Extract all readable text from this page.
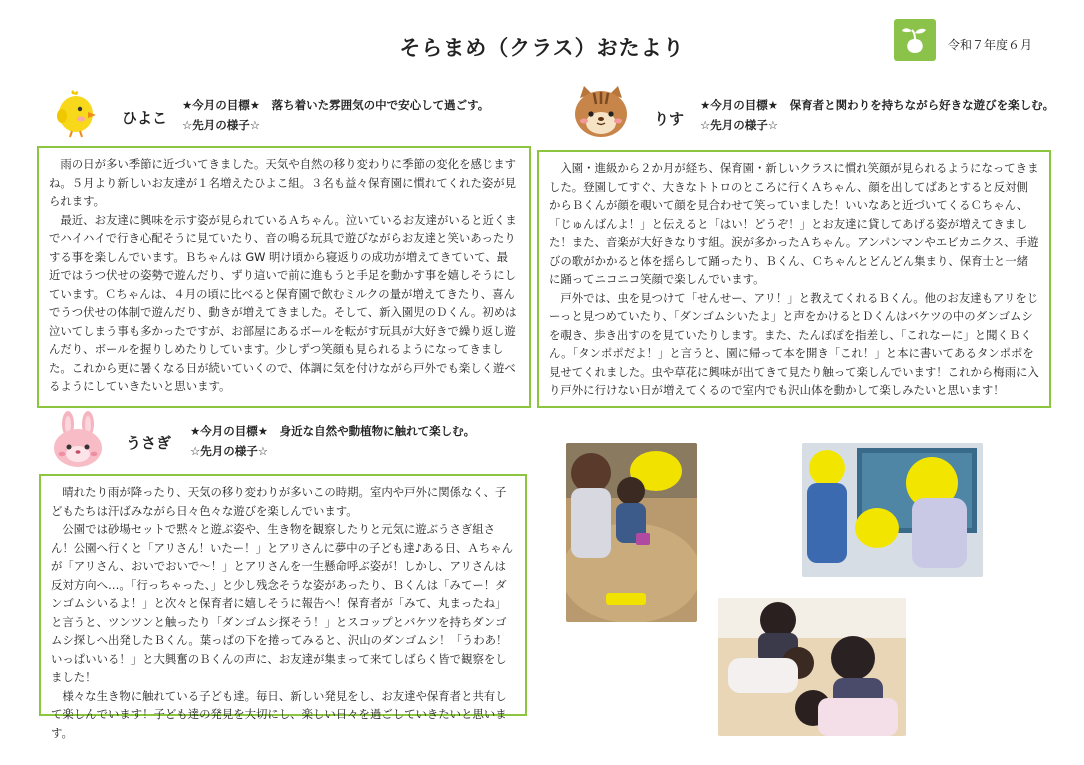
そらまめ（クラス）おたより	令和７年度６月
ひよこ
★今月の目標★　落ち着いた雰囲気の中で安心して過ごす。
☆先月の様子☆

雨の日が多い季節に近づいてきました。天気や自然の移り変わりに季節の変化を感じますね。５月より新しいお友達が１名増えたひよこ組。３名も益々保育園に慣れてくれた姿が見られます。

最近、お友達に興味を示す姿が見られているＡちゃん。泣いているお友達がいると近くまでハイハイで行き心配そうに見ていたり、音の鳴る玩具で遊びながらお友達と笑いあったりする事を楽しんでいます。Ｂちゃんは GW 明け頃から寝返りの成功が増えてきていて、最近ではうつ伏せの姿勢で遊んだり、ずり這いで前に進もうと手足を動かす事を嬉しそうにしています。Ｃちゃんは、４月の頃に比べると保育園で飲むミルクの量が増えてきたり、喜んでうつ伏せの体制で遊んだり、動きが増えてきました。そして、新入園児のＤくん。初めは泣いてしまう事も多かったですが、お部屋にあるボールを転がす玩具が大好きで繰り返し遊んだり、ボールを握りしめたりしています。少しずつ笑顔も見られるようになってきました。これから更に暑くなる日が続いていくので、体調に気を付けながら戸外でも楽しく遊べるようにしていきたいと思います。

りす
★今月の目標★　保育者と関わりを持ちながら好きな遊びを楽しむ。
☆先月の様子☆

入園・進級から２か月が経ち、保育園・新しいクラスに慣れ笑顔が見られるようになってきました。登園してすぐ、大きなトトロのところに行くＡちゃん、顔を出してばあとすると反対側からＢくんが顔を覗いて顔を見合わせて笑っていました！いいなあと近づいてくるＣちゃん、「じゅんばんよ！」と伝えると「はい！どうぞ！」とお友達に貸してあげる姿が増えてきました！また、音楽が大好きなりす組。涙が多かったＡちゃん。アンパンマンやエビカニクス、手遊びの歌がかかると体を揺らして踊ったり、Ｂくん、Ｃちゃんとどんどん集まり、保育士と一緒に踊ってニコニコ笑顔で楽しんでいます。

戸外では、虫を見つけて「せんせー、アリ！」と教えてくれるＢくん。他のお友達もアリをじーっと見つめていたり、「ダンゴムシいたよ」と声をかけるとＤくんはバケツの中のダンゴムシを覗き、歩き出すのを見ていたりします。また、たんぽぽを指差し、「これなーに」と聞くＢくん。「タンポポだよ！」と言うと、園に帰って本を開き「これ！」と本に書いてあるタンポポを見せてくれました。虫や草花に興味が出てきて見たり触って楽しんでいます！これから梅雨に入り戸外に行けない日が増えてくるので室内でも沢山体を動かして楽しみたいと思います！

うさぎ
★今月の目標★　身近な自然や動植物に触れて楽しむ。
☆先月の様子☆

晴れたり雨が降ったり、天気の移り変わりが多いこの時期。室内や戸外に関係なく、子どもたちは汗ばみながら日々色々な遊びを楽しんでいます。

公園では砂場セットで黙々と遊ぶ姿や、生き物を観察したりと元気に遊ぶうさぎ組さん！公園へ行くと「アリさん！いたー！」とアリさんに夢中の子ども達♪ある日、Ａちゃんが「アリさん、おいでおいで～！」とアリさんを一生懸命呼ぶ姿が！しかし、アリさんは反対方向へ…。「行っちゃった、」と少し残念そうな姿があったり、Ｂくんは「みてー！ダンゴムシいるよ！」と次々と保育者に嬉しそうに報告へ！保育者が「みて、丸まったね」と言うと、ツンツンと触ったり「ダンゴムシ探そう！」とスコップとバケツを持ちダンゴムシ探しへ出発したＢくん。葉っぱの下を捲ってみると、沢山のダンゴムシ！「うわあ！いっぱいいる！」と大興奮のＢくんの声に、お友達が集まって来てしばらく皆で観察をしました！

様々な生き物に触れている子ども達。毎日、新しい発見をし、お友達や保育者と共有して楽しんでいます！子ども達の発見を大切にし、楽しい日々を過ごしていきたいと思います。
